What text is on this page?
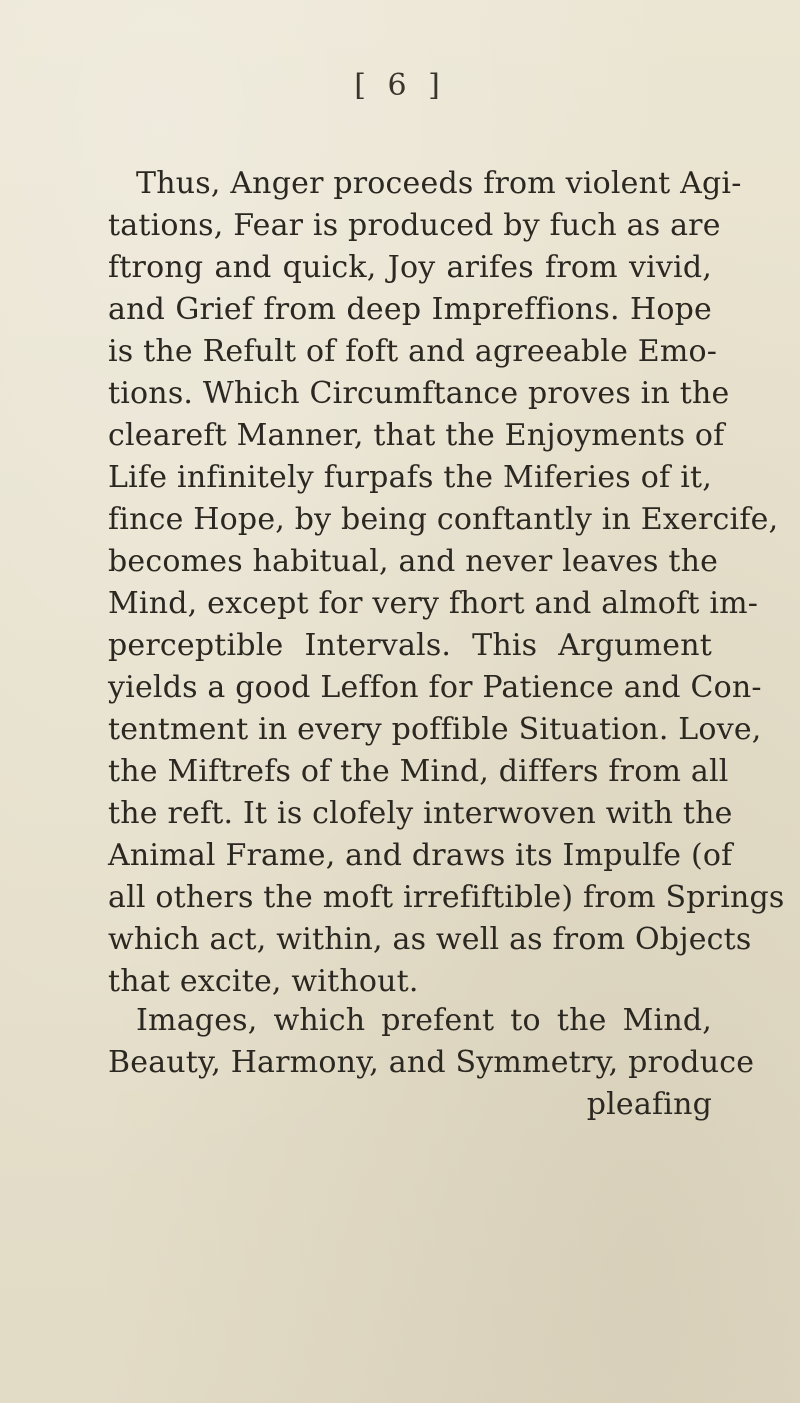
[ 6 ]

Thus, Anger proceeds from violent Agi-
tations, Fear is produced by fuch as are
ftrong and quick, Joy arifes from vivid,
and Grief from deep Impreffions. Hope
is the Refult of foft and agreeable Emo-
tions. Which Circumftance proves in the
cleareft Manner, that the Enjoyments of
Life infinitely furpafs the Miferies of it,
fince Hope, by being conftantly in Exercife,
becomes habitual, and never leaves the
Mind, except for very fhort and almoft im-
perceptible Intervals. This Argument
yields a good Leffon for Patience and Con-
tentment in every poffible Situation. Love,
the Miftrefs of the Mind, differs from all
the reft. It is clofely interwoven with the
Animal Frame, and draws its Impulfe (of
all others the moft irrefiftible) from Springs
which act, within, as well as from Objects
that excite, without.

Images, which prefent to the Mind,
Beauty, Harmony, and Symmetry, produce

pleafing
